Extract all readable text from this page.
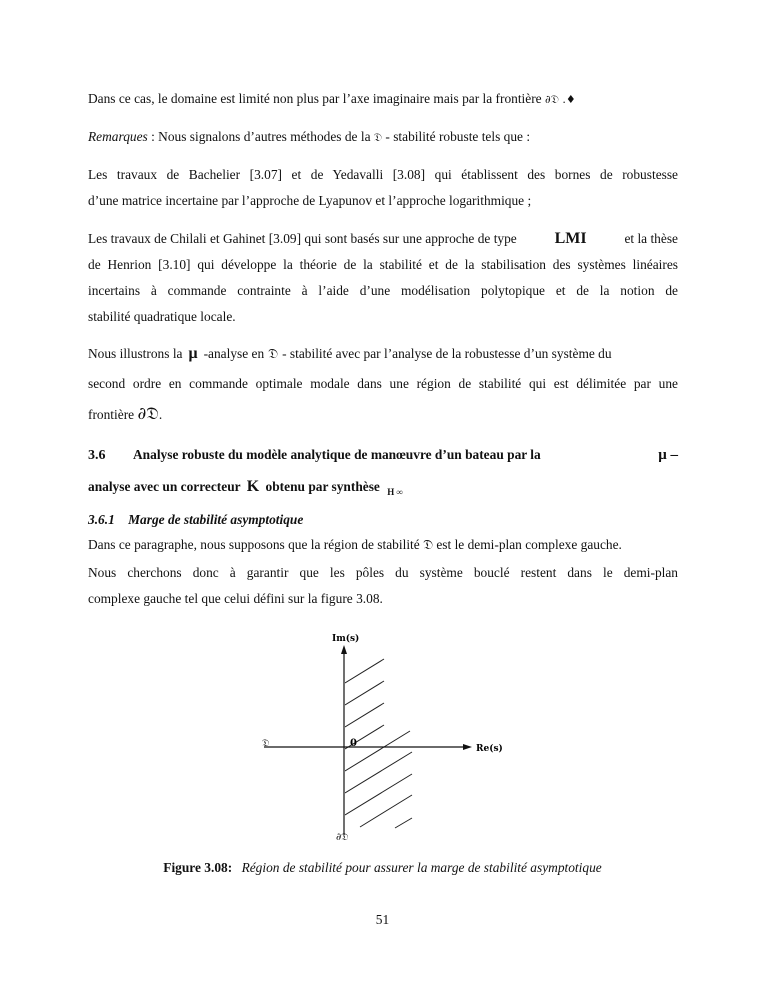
Dans ce cas, le domaine est limité non plus par l’axe imaginaire mais par la frontière ∂𝔇 .♦
Remarques : Nous signalons d’autres méthodes de la 𝔇 - stabilité robuste tels que :
Les travaux de Bachelier [3.07] et de Yedavalli [3.08] qui établissent des bornes de robustesse
d’une matrice incertaine par l’approche de Lyapunov et l’approche logarithmique ;
Les travaux de Chilali et Gahinet [3.09] qui sont basés sur une approche de type LMI	et la thèse
de Henrion [3.10] qui développe la théorie de la stabilité et de la stabilisation des systèmes linéaires
incertains à commande contrainte à l’aide d’une modélisation polytopique et de la notion de
stabilité quadratique locale.
Nous illustrons la μ -analyse en 𝔇 - stabilité avec par l’analyse de la robustesse d’un système du
second ordre en commande optimale modale dans une région de stabilité qui est délimitée par une
frontière ∂𝔇.
3.6 Analyse robuste du modèle analytique de manœuvre d’un bateau par la	μ –
analyse avec un correcteur K obtenu par synthèse $_{H \infty}$
3.6.1 Marge de stabilité asymptotique
Dans ce paragraphe, nous supposons que la région de stabilité 𝔇 est le demi-plan complexe gauche.
Nous cherchons donc à garantir que les pôles du système bouclé restent dans le demi-plan
complexe gauche tel que celui défini sur la figure 3.08.
Im(s)
Re(s)
0
𝔇
∂𝔇
Figure 3.08: Région de stabilité pour assurer la marge de stabilité asymptotique
51
